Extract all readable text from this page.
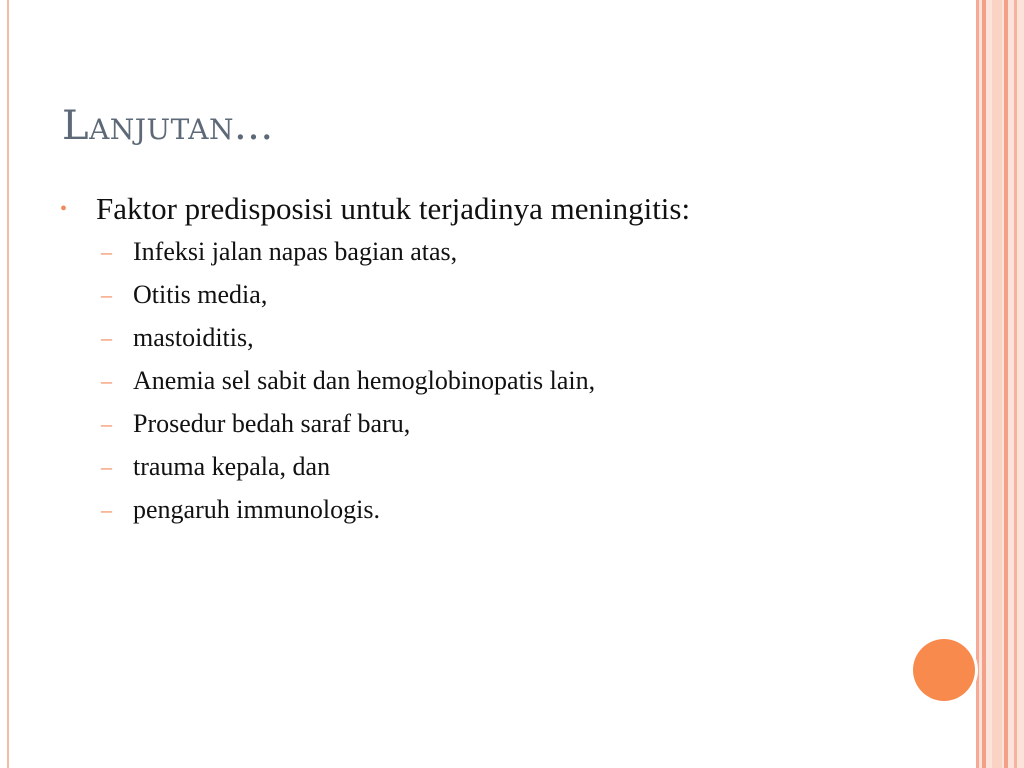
Lanjutan...
• Faktor predisposisi untuk terjadinya meningitis:
– Infeksi jalan napas bagian atas,
– Otitis media,
– mastoiditis,
– Anemia sel sabit dan hemoglobinopatis lain,
– Prosedur bedah saraf baru,
– trauma kepala, dan
– pengaruh immunologis.
